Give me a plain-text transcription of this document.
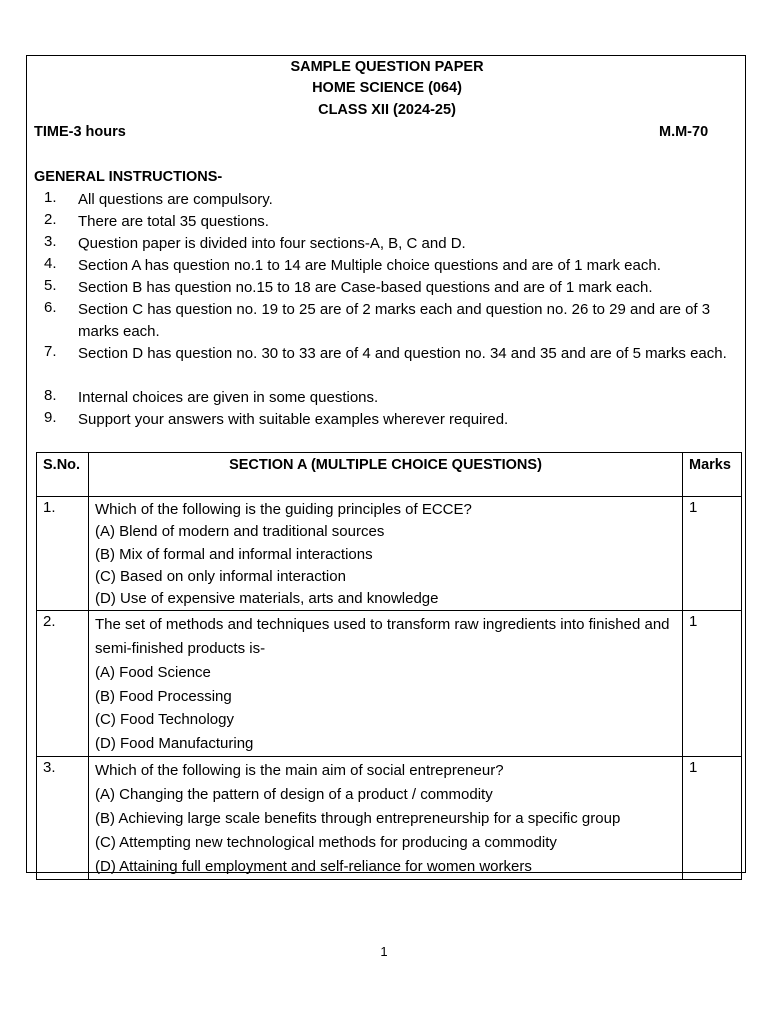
SAMPLE QUESTION PAPER
HOME SCIENCE (064)
CLASS XII (2024-25)
TIME-3 hours	M.M-70
GENERAL INSTRUCTIONS-
1.	All questions are compulsory.
2.	There are total 35 questions.
3.	Question paper is divided into four sections-A, B, C and D.
4.	Section A has question no.1 to 14 are Multiple choice questions and are of 1 mark each.
5.	Section B has question no.15 to 18 are Case-based questions and are of 1 mark each.
6.	Section C has question no. 19 to 25 are of 2 marks each and question no. 26 to 29 and are of 3 marks each.
7.	Section D has question no. 30 to 33 are of 4 and question no. 34 and 35 and are of 5 marks each.
8.	Internal choices are given in some questions.
9.	Support your answers with suitable examples wherever required.
S.No.	SECTION A (MULTIPLE CHOICE QUESTIONS)	Marks
1.	Which of the following is the guiding principles of ECCE?
(A) Blend of modern and traditional sources
(B) Mix of formal and informal interactions
(C) Based on only informal interaction
(D) Use of expensive materials, arts and knowledge	1
2.	The set of methods and techniques used to transform raw ingredients into finished and semi-finished products is-
(A) Food Science
(B) Food Processing
(C) Food Technology
(D) Food Manufacturing	1
3.	Which of the following is the main aim of social entrepreneur?
(A) Changing the pattern of design of a product / commodity
(B) Achieving large scale benefits through entrepreneurship for a specific group
(C) Attempting new technological methods for producing a commodity
(D) Attaining full employment and self-reliance for women workers	1
1
